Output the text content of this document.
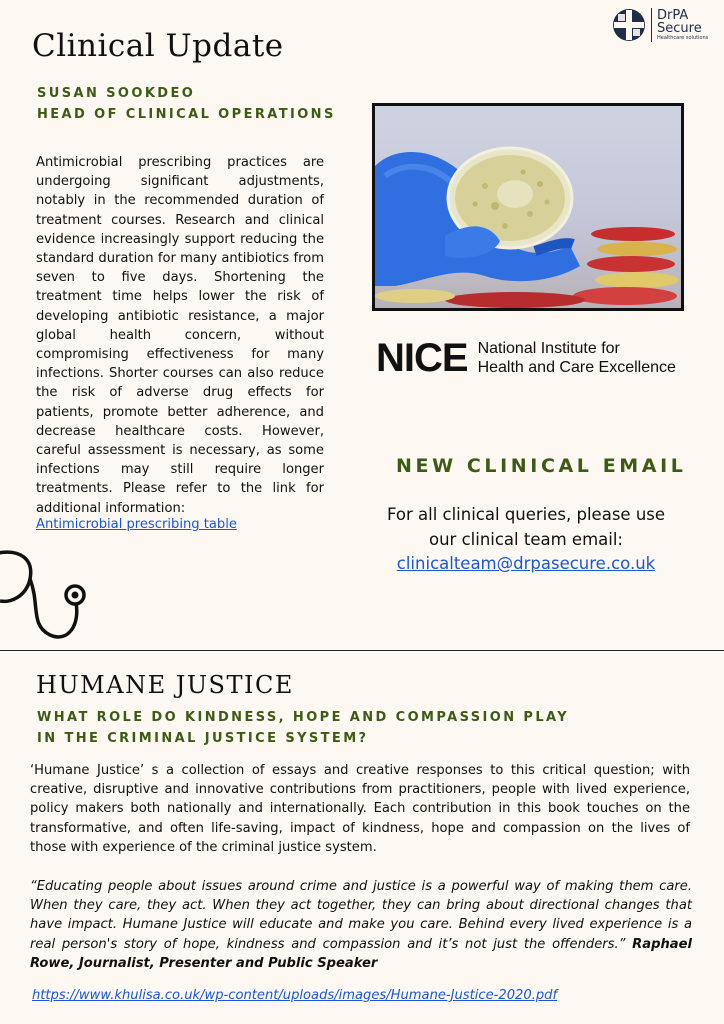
Clinical Update
SUSAN SOOKDEO
HEAD OF CLINICAL OPERATIONS
DrPA
Secure
Healthcare solutions
Antimicrobial prescribing practices are undergoing significant adjustments, notably in the recommended duration of treatment courses. Research and clinical evidence increasingly support reducing the standard duration for many antibiotics from seven to five days. Shortening the treatment time helps lower the risk of developing antibiotic resistance, a major global health concern, without compromising effectiveness for many infections. Shorter courses can also reduce the risk of adverse drug effects for patients, promote better adherence, and decrease healthcare costs. However, careful assessment is necessary, as some infections may still require longer treatments. Please refer to the link for additional information:
Antimicrobial prescribing table
NICE National Institute for
Health and Care Excellence
NEW CLINICAL EMAIL
For all clinical queries, please use
our clinical team email:
clinicalteam@drpasecure.co.uk
HUMANE JUSTICE
WHAT ROLE DO KINDNESS, HOPE AND COMPASSION PLAY
IN THE CRIMINAL JUSTICE SYSTEM?
‘Humane Justice’ s a collection of essays and creative responses to this critical question; with creative, disruptive and innovative contributions from practitioners, people with lived experience, policy makers both nationally and internationally. Each contribution in this book touches on the transformative, and often life-saving, impact of kindness, hope and compassion on the lives of those with experience of the criminal justice system.
“Educating people about issues around crime and justice is a powerful way of making them care. When they care, they act. When they act together, they can bring about directional changes that have impact. Humane Justice will educate and make you care. Behind every lived experience is a real person's story of hope, kindness and compassion and it’s not just the offenders.” Raphael Rowe, Journalist, Presenter and Public Speaker
https://www.khulisa.co.uk/wp-content/uploads/images/Humane-Justice-2020.pdf
